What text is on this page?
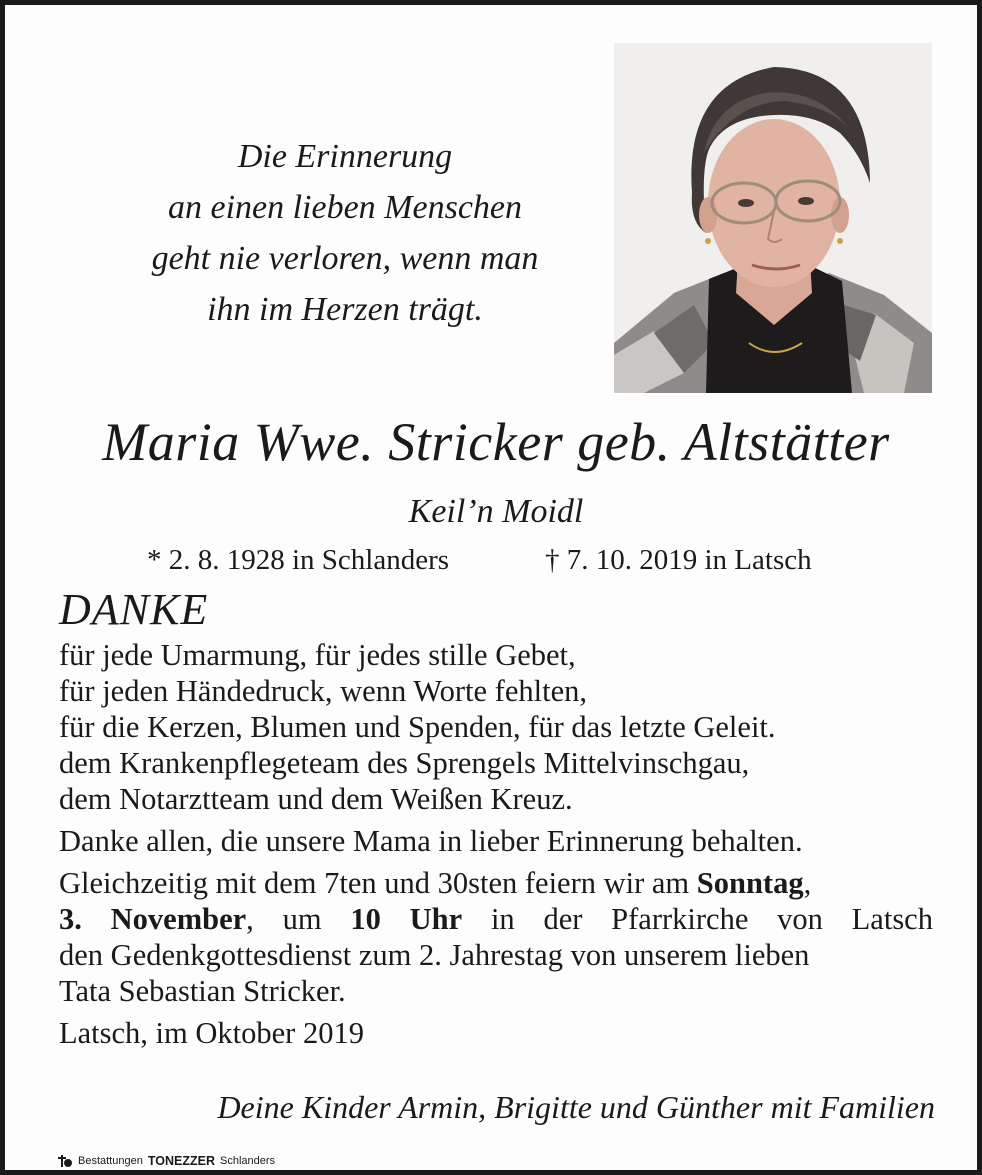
Die Erinnerung
an einen lieben Menschen
geht nie verloren, wenn man
ihn im Herzen trägt.
Maria Wwe. Stricker geb. Altstätter
Keil’n Moidl
* 2. 8. 1928 in Schlanders	† 7. 10. 2019 in Latsch
DANKE
für jede Umarmung, für jedes stille Gebet,
für jeden Händedruck, wenn Worte fehlten,
für die Kerzen, Blumen und Spenden, für das letzte Geleit.
dem Krankenpflegeteam des Sprengels Mittelvinschgau,
dem Notarztteam und dem Weißen Kreuz.
Danke allen, die unsere Mama in lieber Erinnerung behalten.
Gleichzeitig mit dem 7ten und 30sten feiern wir am Sonntag,
3. November, um 10 Uhr in der Pfarrkirche von Latsch
den Gedenkgottesdienst zum 2. Jahrestag von unserem lieben
Tata Sebastian Stricker.
Latsch, im Oktober 2019
Deine Kinder Armin, Brigitte und Günther mit Familien
Bestattungen TONEZZER Schlanders
